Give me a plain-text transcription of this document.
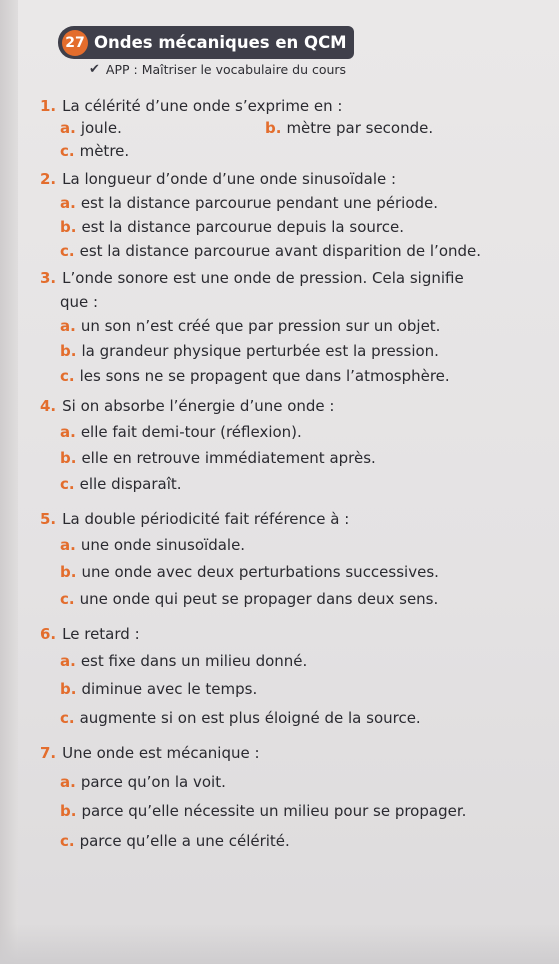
27 Ondes mécaniques en QCM
✔ APP : Maîtriser le vocabulaire du cours
1. La célérité d’une onde s’exprime en :
a. joule.	b. mètre par seconde.
c. mètre.
2. La longueur d’onde d’une onde sinusoïdale :
a. est la distance parcourue pendant une période.
b. est la distance parcourue depuis la source.
c. est la distance parcourue avant disparition de l’onde.
3. L’onde sonore est une onde de pression. Cela signifie
que :
a. un son n’est créé que par pression sur un objet.
b. la grandeur physique perturbée est la pression.
c. les sons ne se propagent que dans l’atmosphère.
4. Si on absorbe l’énergie d’une onde :
a. elle fait demi-tour (réflexion).
b. elle en retrouve immédiatement après.
c. elle disparaît.
5. La double périodicité fait référence à :
a. une onde sinusoïdale.
b. une onde avec deux perturbations successives.
c. une onde qui peut se propager dans deux sens.
6. Le retard :
a. est fixe dans un milieu donné.
b. diminue avec le temps.
c. augmente si on est plus éloigné de la source.
7. Une onde est mécanique :
a. parce qu’on la voit.
b. parce qu’elle nécessite un milieu pour se propager.
c. parce qu’elle a une célérité.
